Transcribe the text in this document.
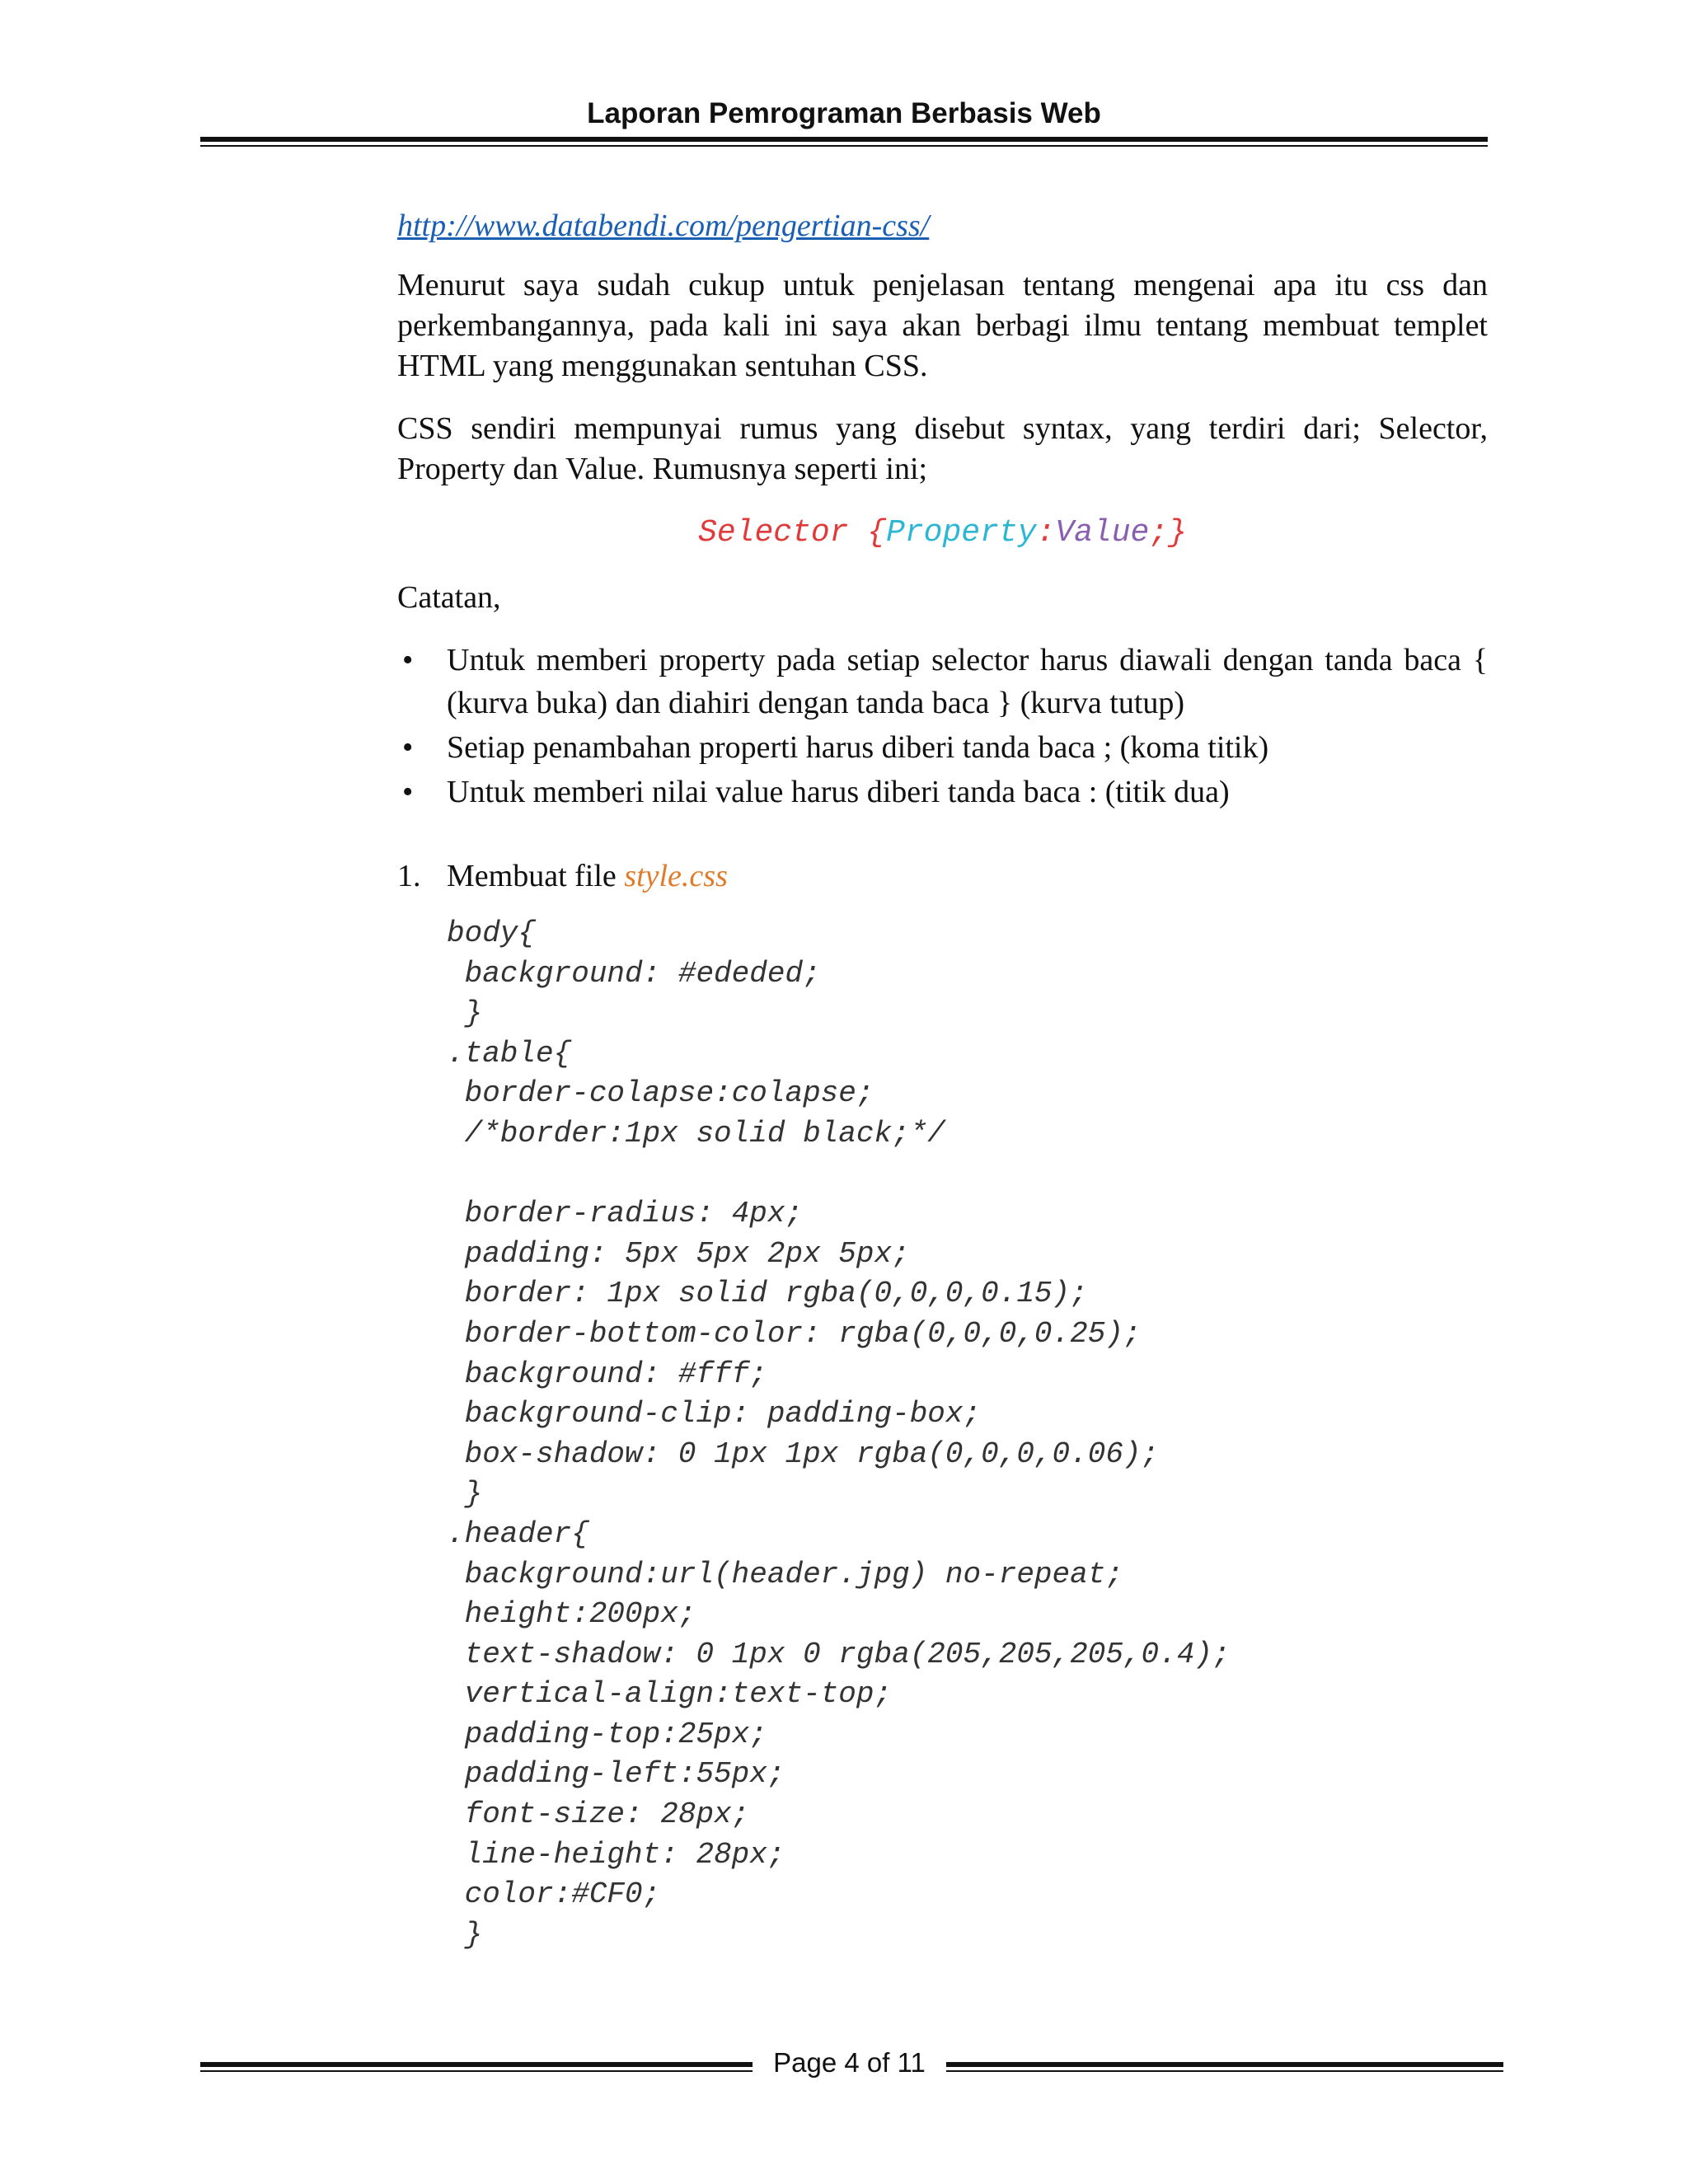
Laporan Pemrograman Berbasis Web
http://www.databendi.com/pengertian-css/

Menurut saya sudah cukup untuk penjelasan tentang mengenai apa itu css dan perkembangannya, pada kali ini saya akan berbagi ilmu tentang membuat templet HTML yang menggunakan sentuhan CSS.

CSS sendiri mempunyai rumus yang disebut syntax, yang terdiri dari; Selector, Property dan Value. Rumusnya seperti ini;

Selector {Property:Value;}
Catatan,
• Untuk memberi property pada setiap selector harus diawali dengan tanda baca { (kurva buka) dan diahiri dengan tanda baca } (kurva tutup)
• Setiap penambahan properti harus diberi tanda baca ; (koma titik)
• Untuk memberi nilai value harus diberi tanda baca : (titik dua)
1. Membuat file style.css
body{
background: #ededed;
}
.table{
border-colapse:colapse;
/*border:1px solid black;*/
border-radius: 4px;
padding: 5px 5px 2px 5px;
border: 1px solid rgba(0,0,0,0.15);
border-bottom-color: rgba(0,0,0,0.25);
background: #fff;
background-clip: padding-box;
box-shadow: 0 1px 1px rgba(0,0,0,0.06);
}
.header{
background:url(header.jpg) no-repeat;
height:200px;
text-shadow: 0 1px 0 rgba(205,205,205,0.4);
vertical-align:text-top;
padding-top:25px;
padding-left:55px;
font-size: 28px;
line-height: 28px;
color:#CF0;
}
Page 4 of 11
